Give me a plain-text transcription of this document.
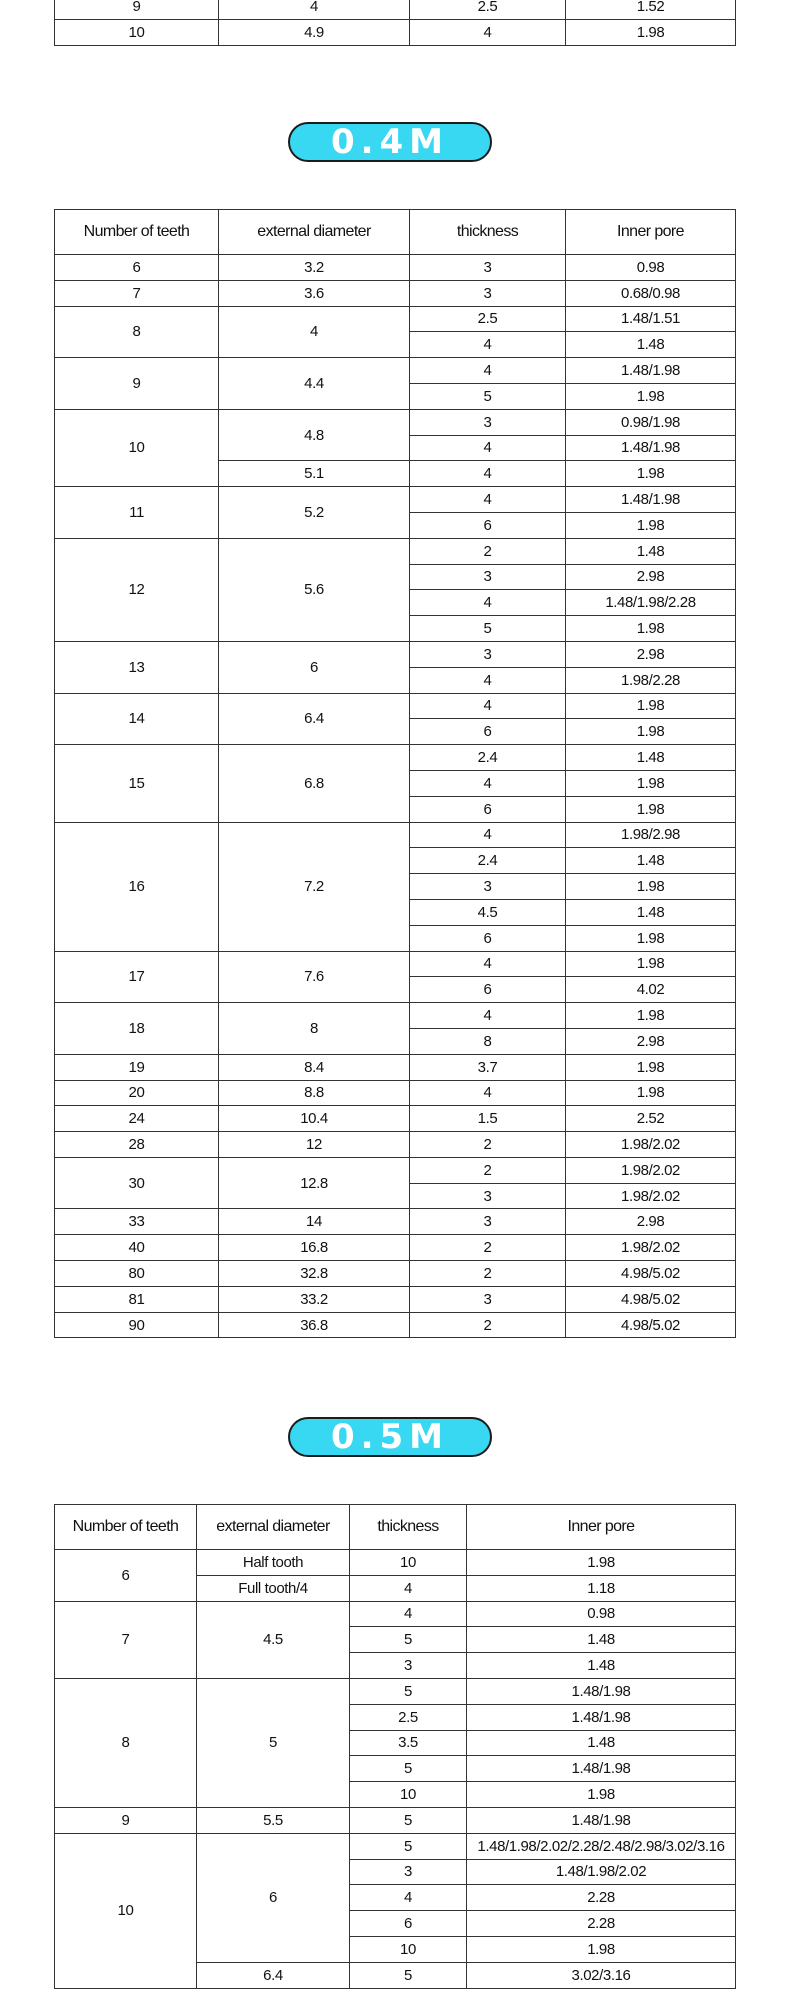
9	4	2.5	1.52
10	4.9	4	1.98
0.4M
Number of teeth	external diameter	thickness	Inner pore
6	3.2	3	0.98
7	3.6	3	0.68/0.98
8	4	2.5	1.48/1.51
		4	1.48
9	4.4	4	1.48/1.98
		5	1.98
10	4.8	3	0.98/1.98
		4	1.48/1.98
	5.1	4	1.98
11	5.2	4	1.48/1.98
		6	1.98
12	5.6	2	1.48
		3	2.98
		4	1.48/1.98/2.28
		5	1.98
13	6	3	2.98
		4	1.98/2.28
14	6.4	4	1.98
		6	1.98
15	6.8	2.4	1.48
		4	1.98
		6	1.98
16	7.2	4	1.98/2.98
		2.4	1.48
		3	1.98
		4.5	1.48
		6	1.98
17	7.6	4	1.98
		6	4.02
18	8	4	1.98
		8	2.98
19	8.4	3.7	1.98
20	8.8	4	1.98
24	10.4	1.5	2.52
28	12	2	1.98/2.02
30	12.8	2	1.98/2.02
		3	1.98/2.02
33	14	3	2.98
40	16.8	2	1.98/2.02
80	32.8	2	4.98/5.02
81	33.2	3	4.98/5.02
90	36.8	2	4.98/5.02
0.5M
Number of teeth	external diameter	thickness	Inner pore
6	Half tooth	10	1.98
	Full tooth/4	4	1.18
7	4.5	4	0.98
		5	1.48
		3	1.48
8	5	5	1.48/1.98
		2.5	1.48/1.98
		3.5	1.48
		5	1.48/1.98
		10	1.98
9	5.5	5	1.48/1.98
10	6	5	1.48/1.98/2.02/2.28/2.48/2.98/3.02/3.16
		3	1.48/1.98/2.02
		4	2.28
		6	2.28
		10	1.98
	6.4	5	3.02/3.16
